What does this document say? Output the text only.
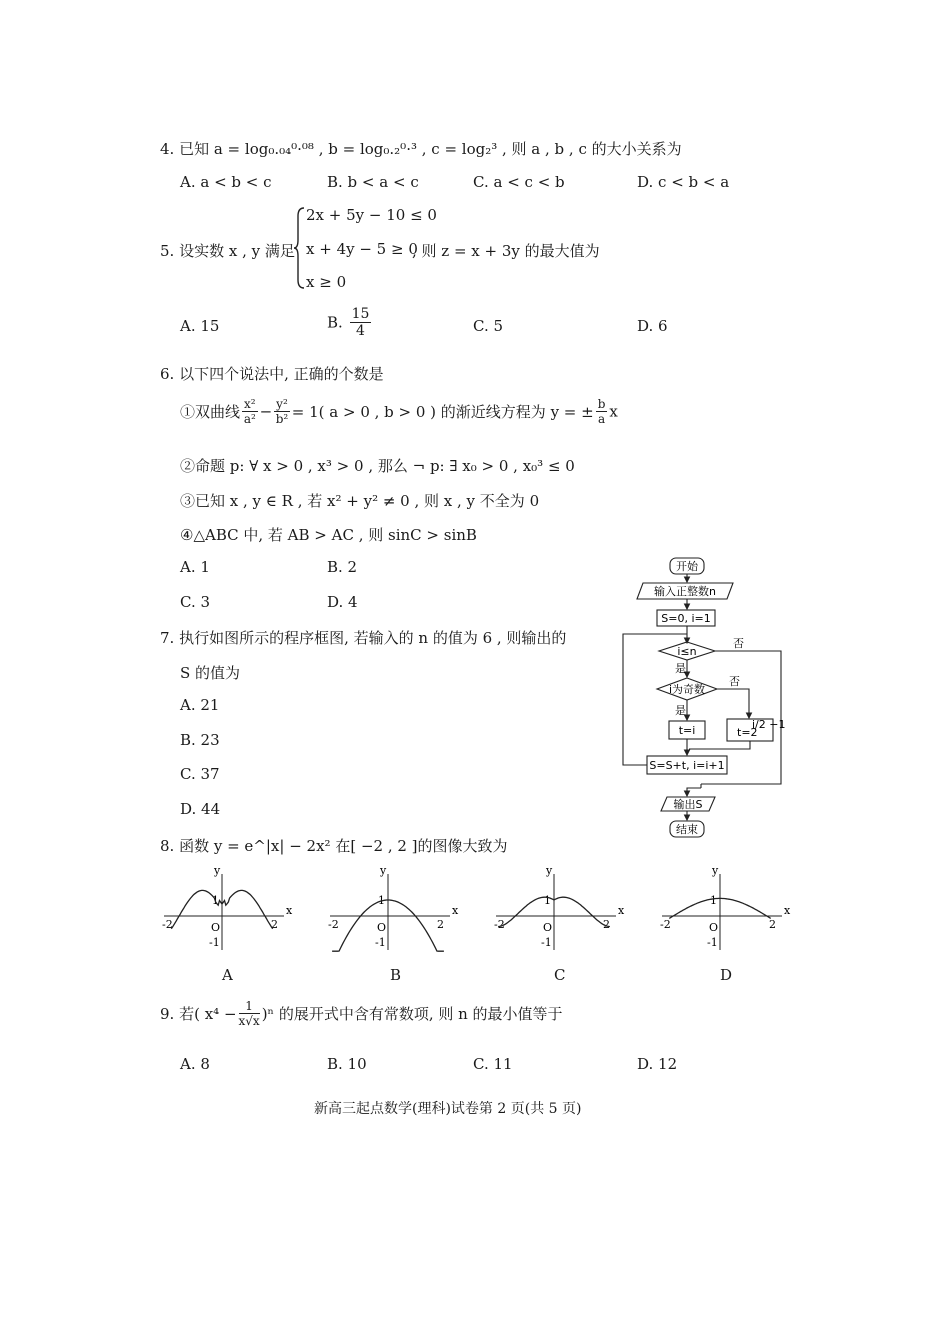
4. 已知 a = log₀.₀₄⁰·⁰⁸ , b = log₀.₂⁰·³ , c = log₂³ , 则 a , b , c 的大小关系为
A. a < b < c	B. b < a < c	C. a < c < b	D. c < b < a
5. 设实数 x , y 满足
2x + 5y − 10 ≤ 0
x + 4y − 5 ≥ 0
x ≥ 0
, 则 z = x + 3y 的最大值为
A. 15	B. $\frac{15}{4}$	C. 5	D. 6
6. 以下四个说法中, 正确的个数是
①双曲线 $\frac{\text{x²}}{\text{a²}} - \frac{\text{y²}}{\text{b²}} = 1$( a > 0 , b > 0 ) 的渐近线方程为 y = ± $\frac{b}{a}$ x
②命题 p: ∀ x > 0 , x³ > 0 , 那么 ¬ p: ∃ x₀ > 0 , x₀³ ≤ 0
③已知 x , y ∈ R , 若 x² + y² ≠ 0 , 则 x , y 不全为 0
④△ABC 中, 若 AB > AC , 则 sinC > sinB
A. 1	B. 2
C. 3	D. 4
7. 执行如图所示的程序框图, 若输入的 n 的值为 6 , 则输出的
S 的值为
A. 21
B. 23
C. 37
D. 44
开始
输入正整数n
S=0, i=1
i≤n
i为奇数
是
是
否
否
t=i	t=2
i/2 −1
S=S+t, i=i+1
输出S
结束
8. 函数 y = e^|x| − 2x² 在[ −2 , 2 ]的图像大致为
x
y
O
-2	2
1
-1
x
y
O
-2	2
1
-1
x
y
O
-2	2
1
-1
x
y
O
-2	2
1
-1
A	B	C	D
9. 若( $x^4 - \frac{1}{x√x} )^n$ 的展开式中含有常数项, 则 n 的最小值等于
A. 8	B. 10	C. 11	D. 12
新高三起点数学(理科)试卷第 2 页(共 5 页)
